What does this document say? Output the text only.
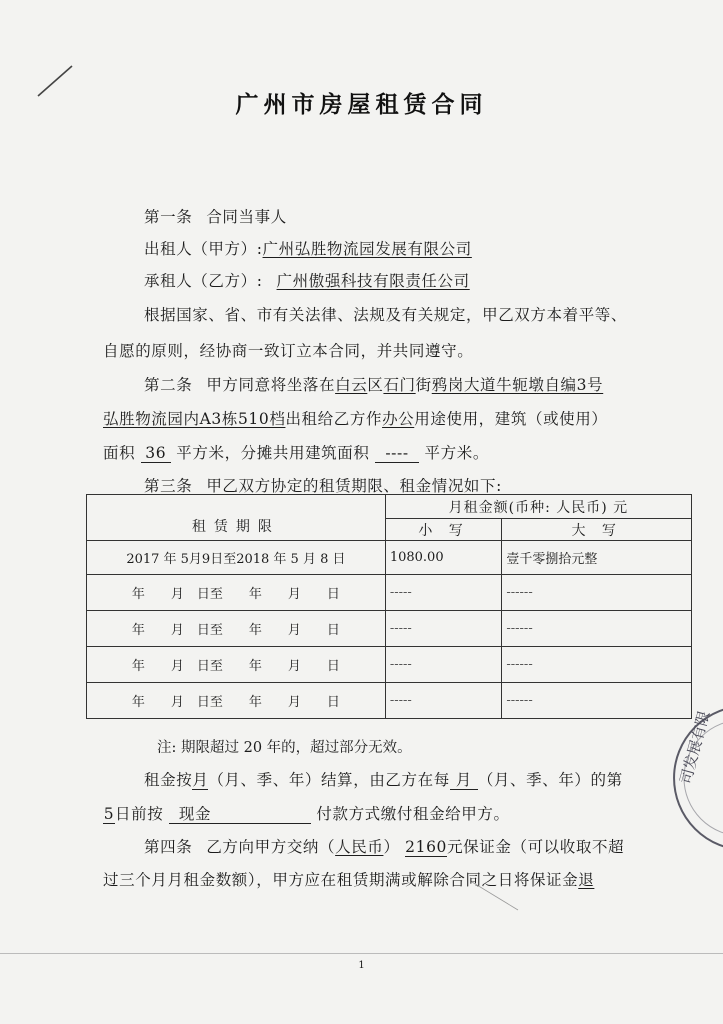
广州市房屋租赁合同
第一条 合同当事人
出租人（甲方）:广州弘胜物流园发展有限公司
承租人（乙方）: 广州傲强科技有限责任公司
根据国家、省、市有关法律、法规及有关规定，甲乙双方本着平等、
自愿的原则，经协商一致订立本合同，并共同遵守。
第二条 甲方同意将坐落在白云区石门街鸦岗大道牛轭墩自编3号
弘胜物流园内A3栋510档出租给乙方作办公用途使用，建筑（或使用）
面积 36 平方米，分摊共用建筑面积 ---- 平方米。
第三条 甲乙双方协定的租赁期限、租金情况如下:
租赁期限	月租金额(币种: 人民币) 元	
	小 写	大 写
2017 年 5月9日至2018 年 5 月 8 日	1080.00	壹千零捌拾元整
年　　月　日至　　年　　月　　日	-----	------
年　　月　日至　　年　　月　　日	-----	------
年　　月　日至　　年　　月　　日	-----	------
年　　月　日至　　年　　月　　日	-----	------
注: 期限超过 20 年的，超过部分无效。
租金按月（月、季、年）结算，由乙方在每 月 （月、季、年）的第
5日前按 现金	付款方式缴付租金给甲方。
第四条 乙方向甲方交纳（人民币） 2160元保证金（可以收取不超
过三个月月租金数额），甲方应在租赁期满或解除合同之日将保证金退
司发展有限
1
